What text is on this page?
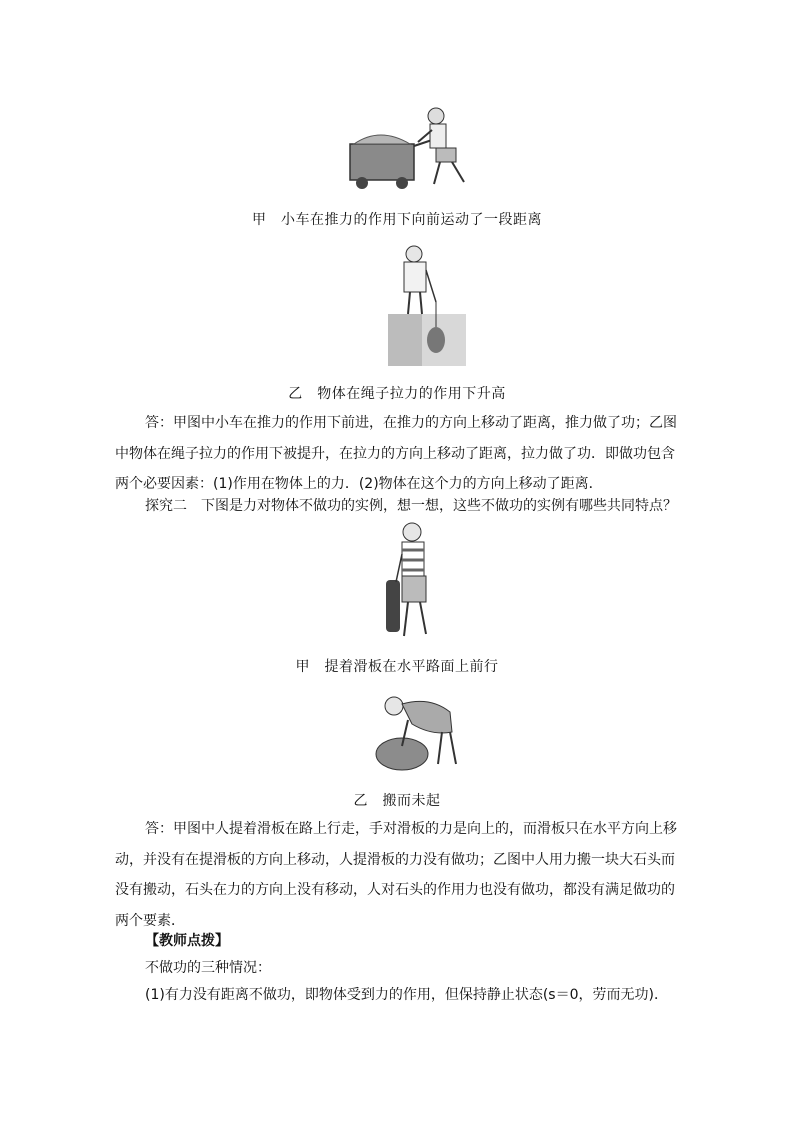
甲　小车在推力的作用下向前运动了一段距离
乙　物体在绳子拉力的作用下升高
答：甲图中小车在推力的作用下前进，在推力的方向上移动了距离，推力做了功；乙图
中物体在绳子拉力的作用下被提升，在拉力的方向上移动了距离，拉力做了功．即做功包含
两个必要因素：(1)作用在物体上的力．(2)物体在这个力的方向上移动了距离．
探究二　下图是力对物体不做功的实例，想一想，这些不做功的实例有哪些共同特点？
甲　提着滑板在水平路面上前行
乙　搬而未起
答：甲图中人提着滑板在路上行走，手对滑板的力是向上的，而滑板只在水平方向上移
动，并没有在提滑板的方向上移动，人提滑板的力没有做功；乙图中人用力搬一块大石头而
没有搬动，石头在力的方向上没有移动，人对石头的作用力也没有做功，都没有满足做功的
两个要素．
【教师点拨】
不做功的三种情况：
(1)有力没有距离不做功，即物体受到力的作用，但保持静止状态(s＝0，劳而无功)．
